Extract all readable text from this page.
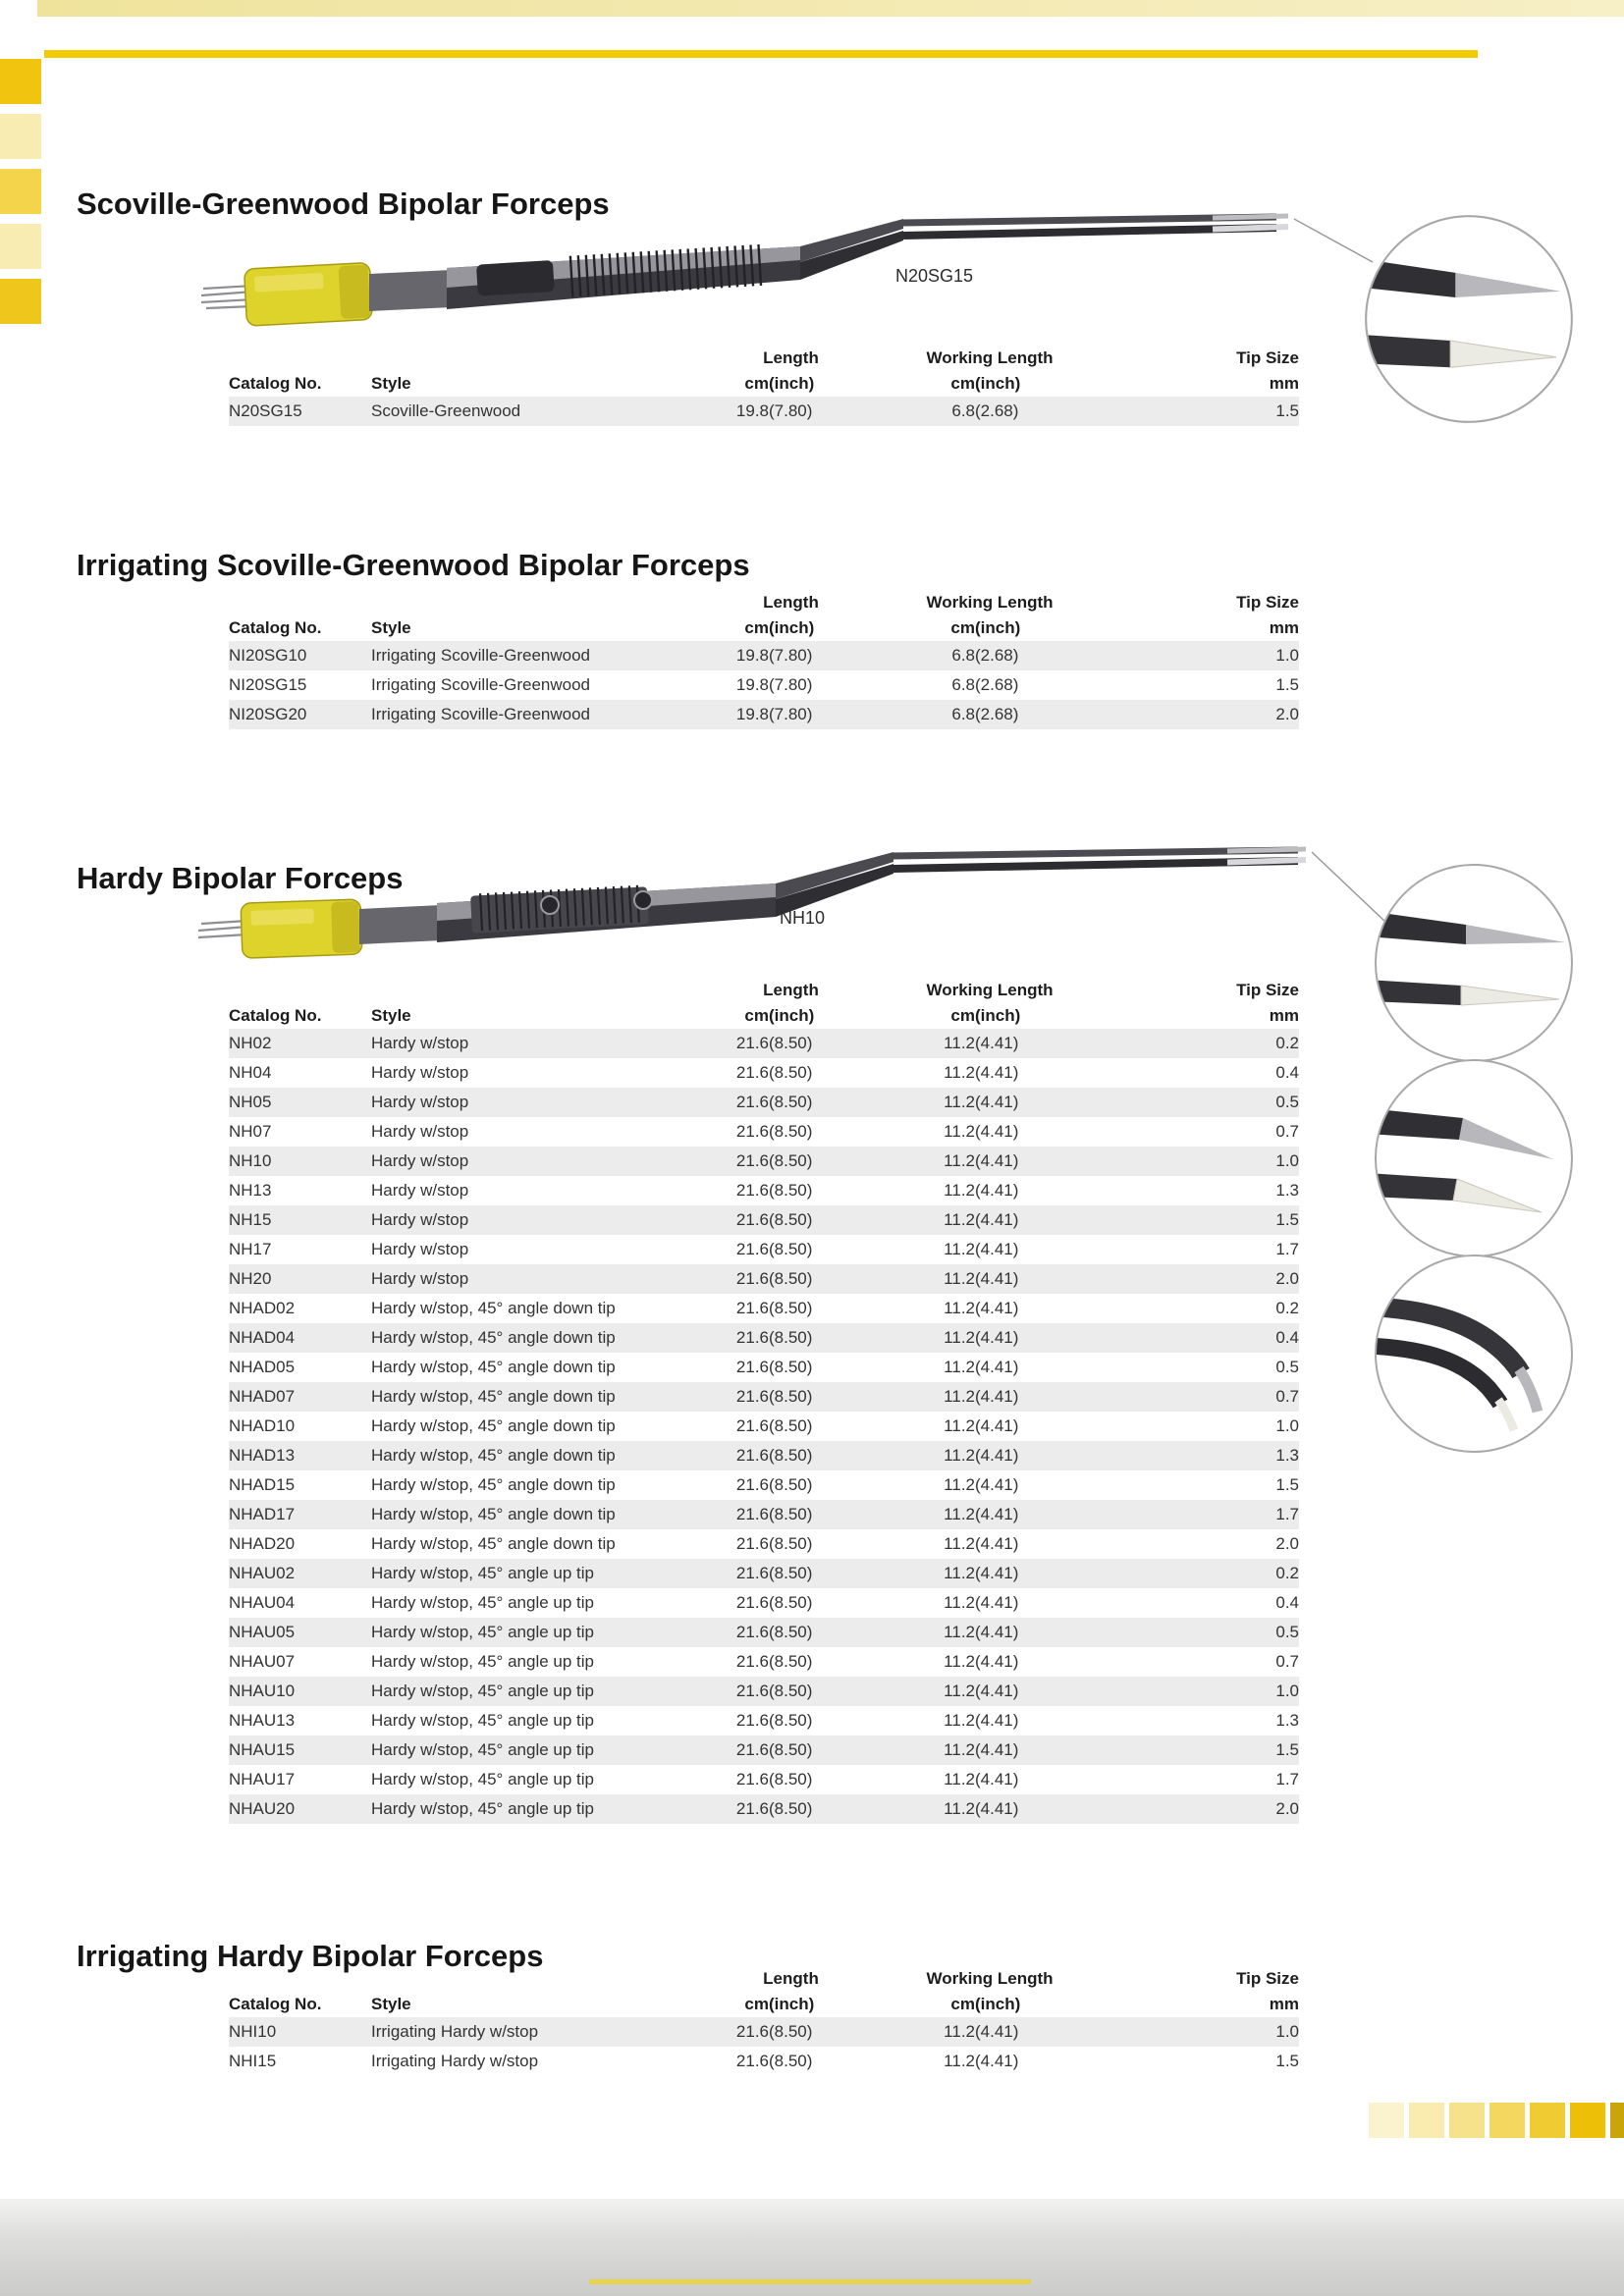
Scoville-Greenwood Bipolar Forceps
N20SG15
		Length		Working Length		Tip Size
Catalog No.	Style	cm	(inch)	cm	(inch)	mm
N20SG15	Scoville-Greenwood	19.8	(7.80)	6.8	(2.68)	1.5
Irrigating Scoville-Greenwood Bipolar Forceps
		Length		Working Length		Tip Size
Catalog No.	Style	cm	(inch)	cm	(inch)	mm
NI20SG10	Irrigating Scoville-Greenwood	19.8	(7.80)	6.8	(2.68)	1.0
NI20SG15	Irrigating Scoville-Greenwood	19.8	(7.80)	6.8	(2.68)	1.5
NI20SG20	Irrigating Scoville-Greenwood	19.8	(7.80)	6.8	(2.68)	2.0
Hardy Bipolar Forceps
NH10
		Length		Working Length		Tip Size
Catalog No.	Style	cm	(inch)	cm	(inch)	mm
NH02	Hardy w/stop	21.6	(8.50)	11.2	(4.41)	0.2
NH04	Hardy w/stop	21.6	(8.50)	11.2	(4.41)	0.4
NH05	Hardy w/stop	21.6	(8.50)	11.2	(4.41)	0.5
NH07	Hardy w/stop	21.6	(8.50)	11.2	(4.41)	0.7
NH10	Hardy w/stop	21.6	(8.50)	11.2	(4.41)	1.0
NH13	Hardy w/stop	21.6	(8.50)	11.2	(4.41)	1.3
NH15	Hardy w/stop	21.6	(8.50)	11.2	(4.41)	1.5
NH17	Hardy w/stop	21.6	(8.50)	11.2	(4.41)	1.7
NH20	Hardy w/stop	21.6	(8.50)	11.2	(4.41)	2.0
NHAD02	Hardy w/stop, 45° angle down tip	21.6	(8.50)	11.2	(4.41)	0.2
NHAD04	Hardy w/stop, 45° angle down tip	21.6	(8.50)	11.2	(4.41)	0.4
NHAD05	Hardy w/stop, 45° angle down tip	21.6	(8.50)	11.2	(4.41)	0.5
NHAD07	Hardy w/stop, 45° angle down tip	21.6	(8.50)	11.2	(4.41)	0.7
NHAD10	Hardy w/stop, 45° angle down tip	21.6	(8.50)	11.2	(4.41)	1.0
NHAD13	Hardy w/stop, 45° angle down tip	21.6	(8.50)	11.2	(4.41)	1.3
NHAD15	Hardy w/stop, 45° angle down tip	21.6	(8.50)	11.2	(4.41)	1.5
NHAD17	Hardy w/stop, 45° angle down tip	21.6	(8.50)	11.2	(4.41)	1.7
NHAD20	Hardy w/stop, 45° angle down tip	21.6	(8.50)	11.2	(4.41)	2.0
NHAU02	Hardy w/stop, 45° angle up tip	21.6	(8.50)	11.2	(4.41)	0.2
NHAU04	Hardy w/stop, 45° angle up tip	21.6	(8.50)	11.2	(4.41)	0.4
NHAU05	Hardy w/stop, 45° angle up tip	21.6	(8.50)	11.2	(4.41)	0.5
NHAU07	Hardy w/stop, 45° angle up tip	21.6	(8.50)	11.2	(4.41)	0.7
NHAU10	Hardy w/stop, 45° angle up tip	21.6	(8.50)	11.2	(4.41)	1.0
NHAU13	Hardy w/stop, 45° angle up tip	21.6	(8.50)	11.2	(4.41)	1.3
NHAU15	Hardy w/stop, 45° angle up tip	21.6	(8.50)	11.2	(4.41)	1.5
NHAU17	Hardy w/stop, 45° angle up tip	21.6	(8.50)	11.2	(4.41)	1.7
NHAU20	Hardy w/stop, 45° angle up tip	21.6	(8.50)	11.2	(4.41)	2.0
Irrigating Hardy Bipolar Forceps
		Length		Working Length		Tip Size
Catalog No.	Style	cm	(inch)	cm	(inch)	mm
NHI10	Irrigating Hardy w/stop	21.6	(8.50)	11.2	(4.41)	1.0
NHI15	Irrigating Hardy w/stop	21.6	(8.50)	11.2	(4.41)	1.5
